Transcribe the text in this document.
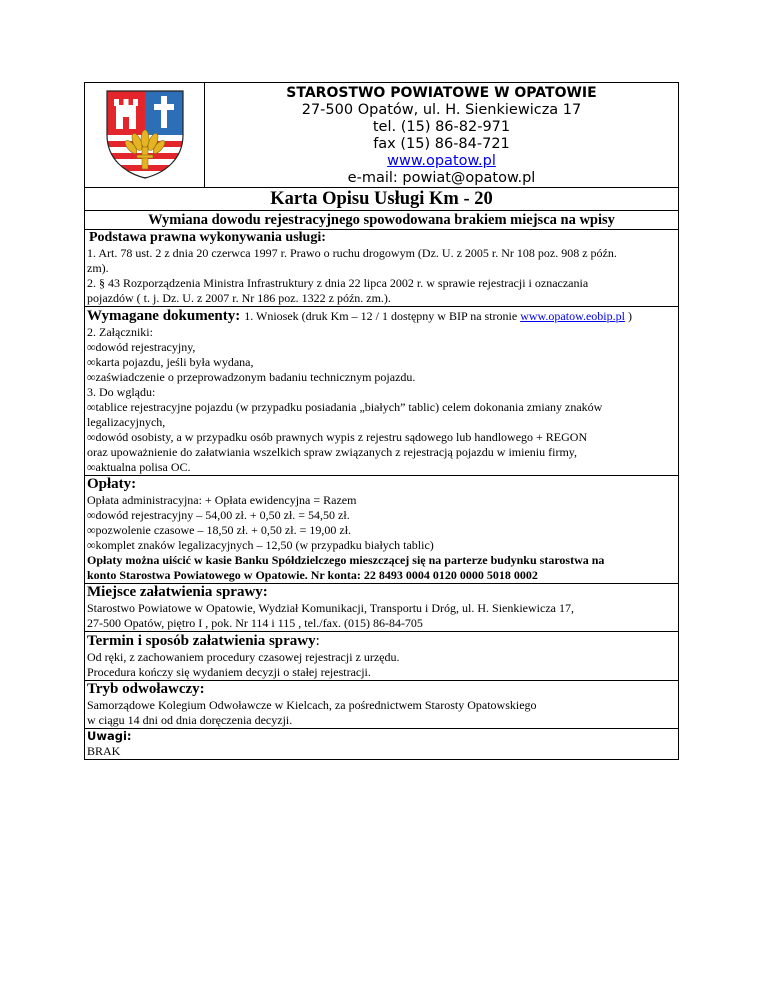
STAROSTWO POWIATOWE W OPATOWIE
27-500 Opatów, ul. H. Sienkiewicza 17
tel. (15) 86-82-971
fax (15) 86-84-721
www.opatow.pl
e-mail: powiat@opatow.pl

Karta Opisu Usługi Km - 20
Wymiana dowodu rejestracyjnego spowodowana brakiem miejsca na wpisy

Podstawa prawna wykonywania usługi:
1. Art. 78 ust. 2 z dnia 20 czerwca 1997 r. Prawo o ruchu drogowym (Dz. U. z 2005 r. Nr 108 poz. 908 z późn.
zm).
2. § 43 Rozporządzenia Ministra Infrastruktury z dnia 22 lipca 2002 r. w sprawie rejestracji i oznaczania
pojazdów ( t. j. Dz. U. z 2007 r. Nr 186 poz. 1322 z późn. zm.).

Wymagane dokumenty: 1. Wniosek (druk Km – 12 / 1 dostępny w BIP na stronie www.opatow.eobip.pl )
2. Załączniki:
∞dowód rejestracyjny,
∞karta pojazdu, jeśli była wydana,
∞zaświadczenie o przeprowadzonym badaniu technicznym pojazdu.
3. Do wglądu:
∞tablice rejestracyjne pojazdu (w przypadku posiadania „białych” tablic) celem dokonania zmiany znaków
legalizacyjnych,
∞dowód osobisty, a w przypadku osób prawnych wypis z rejestru sądowego lub handlowego + REGON
oraz upoważnienie do załatwiania wszelkich spraw związanych z rejestracją pojazdu w imieniu firmy,
∞aktualna polisa OC.

Opłaty:
Opłata administracyjna: + Opłata ewidencyjna = Razem
∞dowód rejestracyjny – 54,00 zł. + 0,50 zł. = 54,50 zł.
∞pozwolenie czasowe – 18,50 zł. + 0,50 zł. = 19,00 zł.
∞komplet znaków legalizacyjnych – 12,50 (w przypadku białych tablic)
Opłaty można uiścić w kasie Banku Spółdzielczego mieszczącej się na parterze budynku starostwa na
konto Starostwa Powiatowego w Opatowie. Nr konta: 22 8493 0004 0120 0000 5018 0002

Miejsce załatwienia sprawy:
Starostwo Powiatowe w Opatowie, Wydział Komunikacji, Transportu i Dróg, ul. H. Sienkiewicza 17,
27-500 Opatów, piętro I , pok. Nr 114 i 115 , tel./fax. (015) 86-84-705

Termin i sposób załatwienia sprawy:
Od ręki, z zachowaniem procedury czasowej rejestracji z urzędu.
Procedura kończy się wydaniem decyzji o stałej rejestracji.

Tryb odwoławczy:
Samorządowe Kolegium Odwoławcze w Kielcach, za pośrednictwem Starosty Opatowskiego
w ciągu 14 dni od dnia doręczenia decyzji.

Uwagi:
BRAK
